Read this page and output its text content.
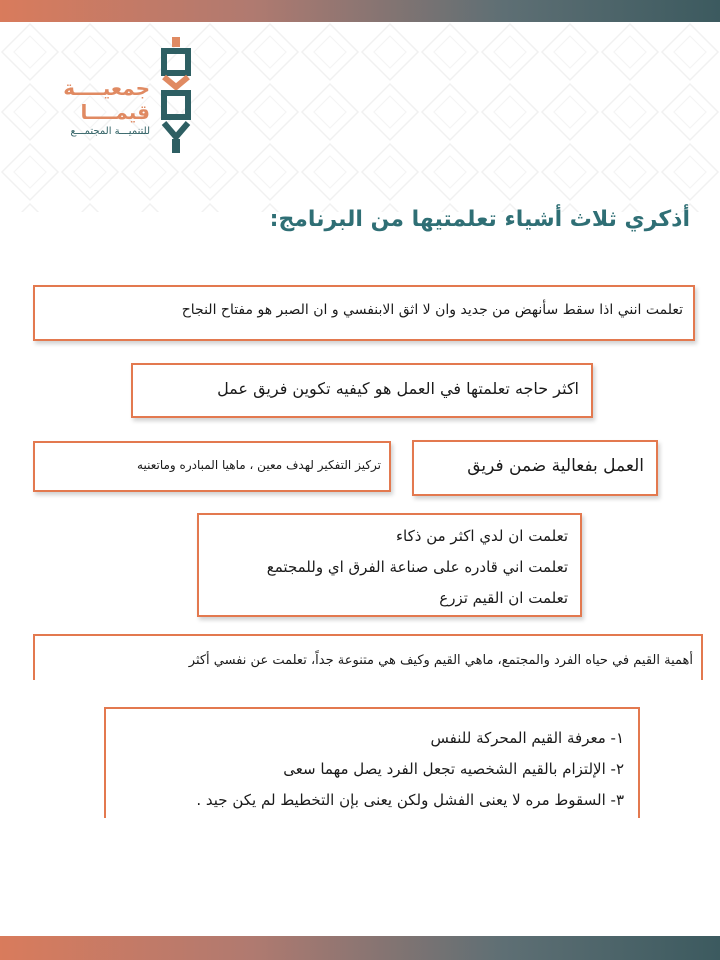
جمعيــــة
قيمــــا
للتنميـــة المجتمـــع
أذكري ثلاث أشياء تعلمتيها من البرنامج:
تعلمت انني اذا سقط سأنهض من جديد وان لا اثق الابنفسي و ان الصبر هو مفتاح النجاح
اكثر حاجه تعلمتها في العمل هو كيفيه تكوين فريق عمل
تركيز التفكير لهدف معين ، ماهيا المبادره وماتعنيه	العمل بفعالية ضمن فريق
تعلمت ان لدي اكثر من ذكاء
تعلمت اني قادره على صناعة الفرق اي وللمجتمع
تعلمت ان القيم تزرع
أهمية القيم في حياه الفرد والمجتمع، ماهي القيم وكيف هي متنوعة جداً، تعلمت عن نفسي أكثر
١- معرفة القيم المحركة للنفس
٢- الإلتزام بالقيم الشخصيه تجعل الفرد يصل مهما سعى
٣- السقوط مره لا يعنى الفشل ولكن يعنى بإن التخطيط لم يكن جيد .
